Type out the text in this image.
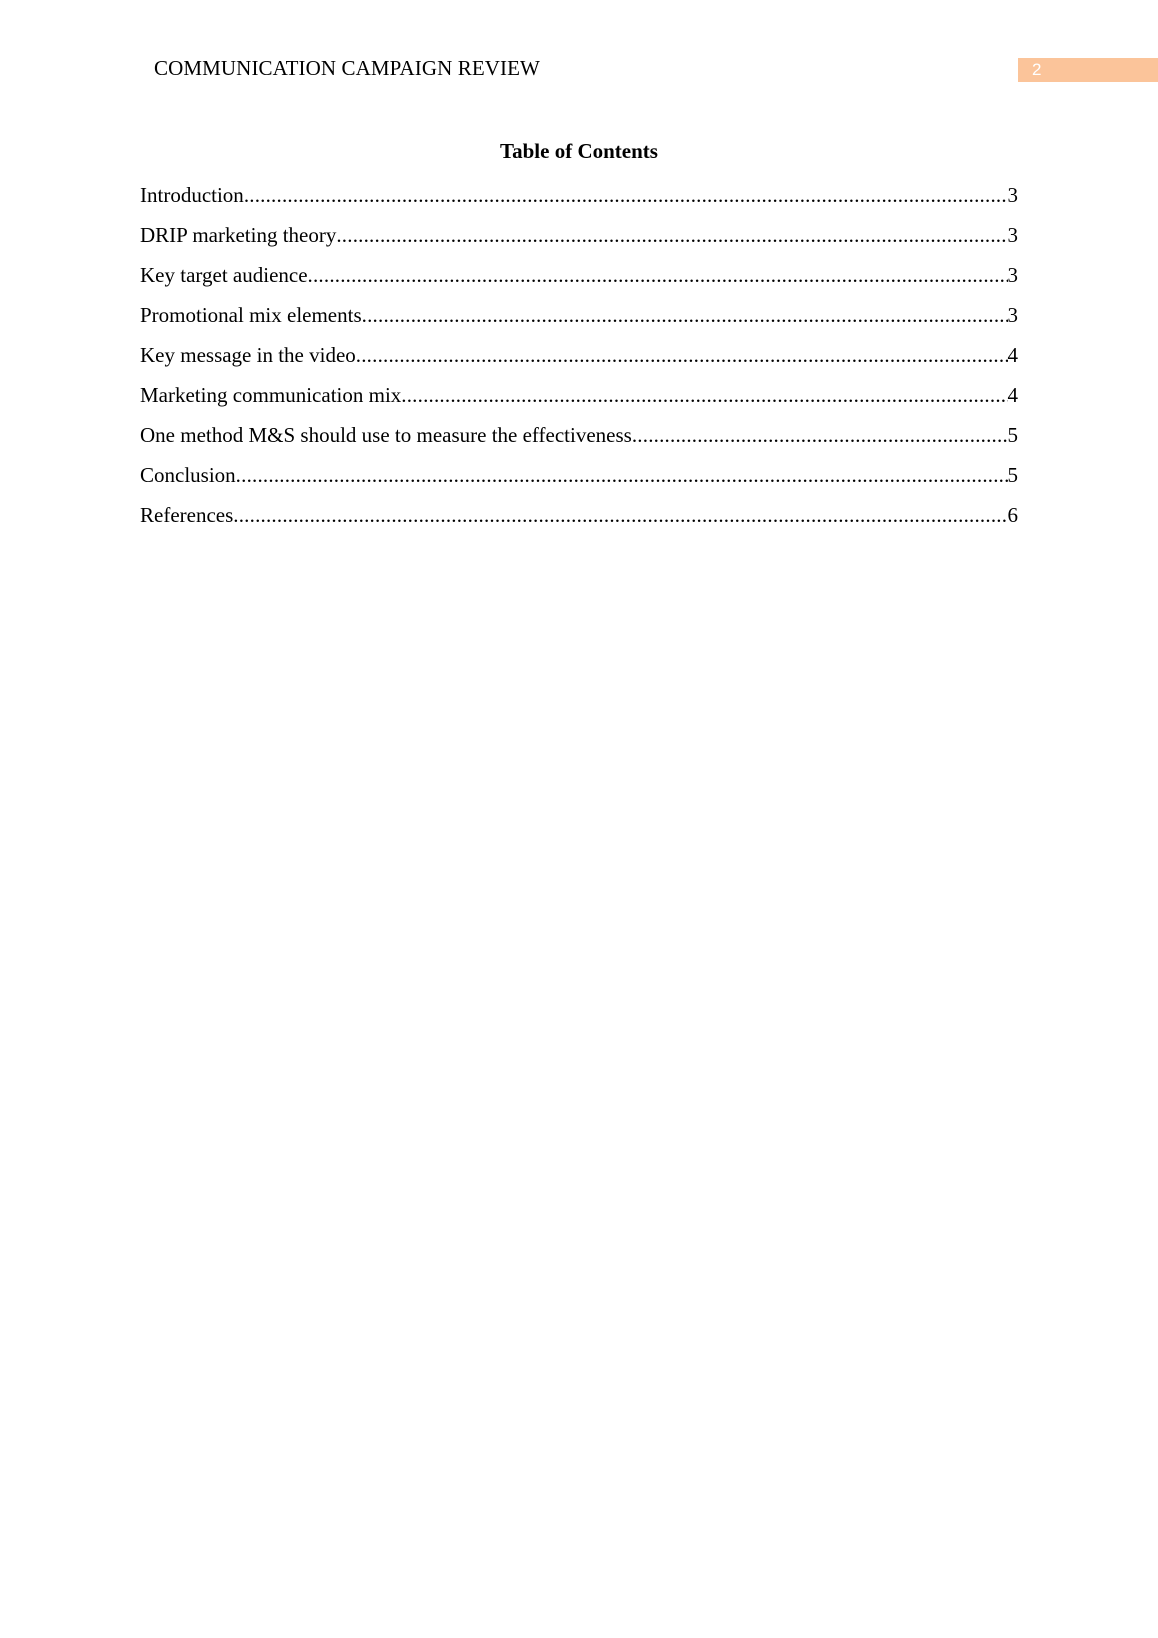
COMMUNICATION CAMPAIGN REVIEW	2
Table of Contents
Introduction .....	3
DRIP marketing theory .....	3
Key target audience .....	3
Promotional mix elements .....	3
Key message in the video .....	4
Marketing communication mix .....	4
One method M&S should use to measure the effectiveness .....	5
Conclusion .....	5
References .....	6
